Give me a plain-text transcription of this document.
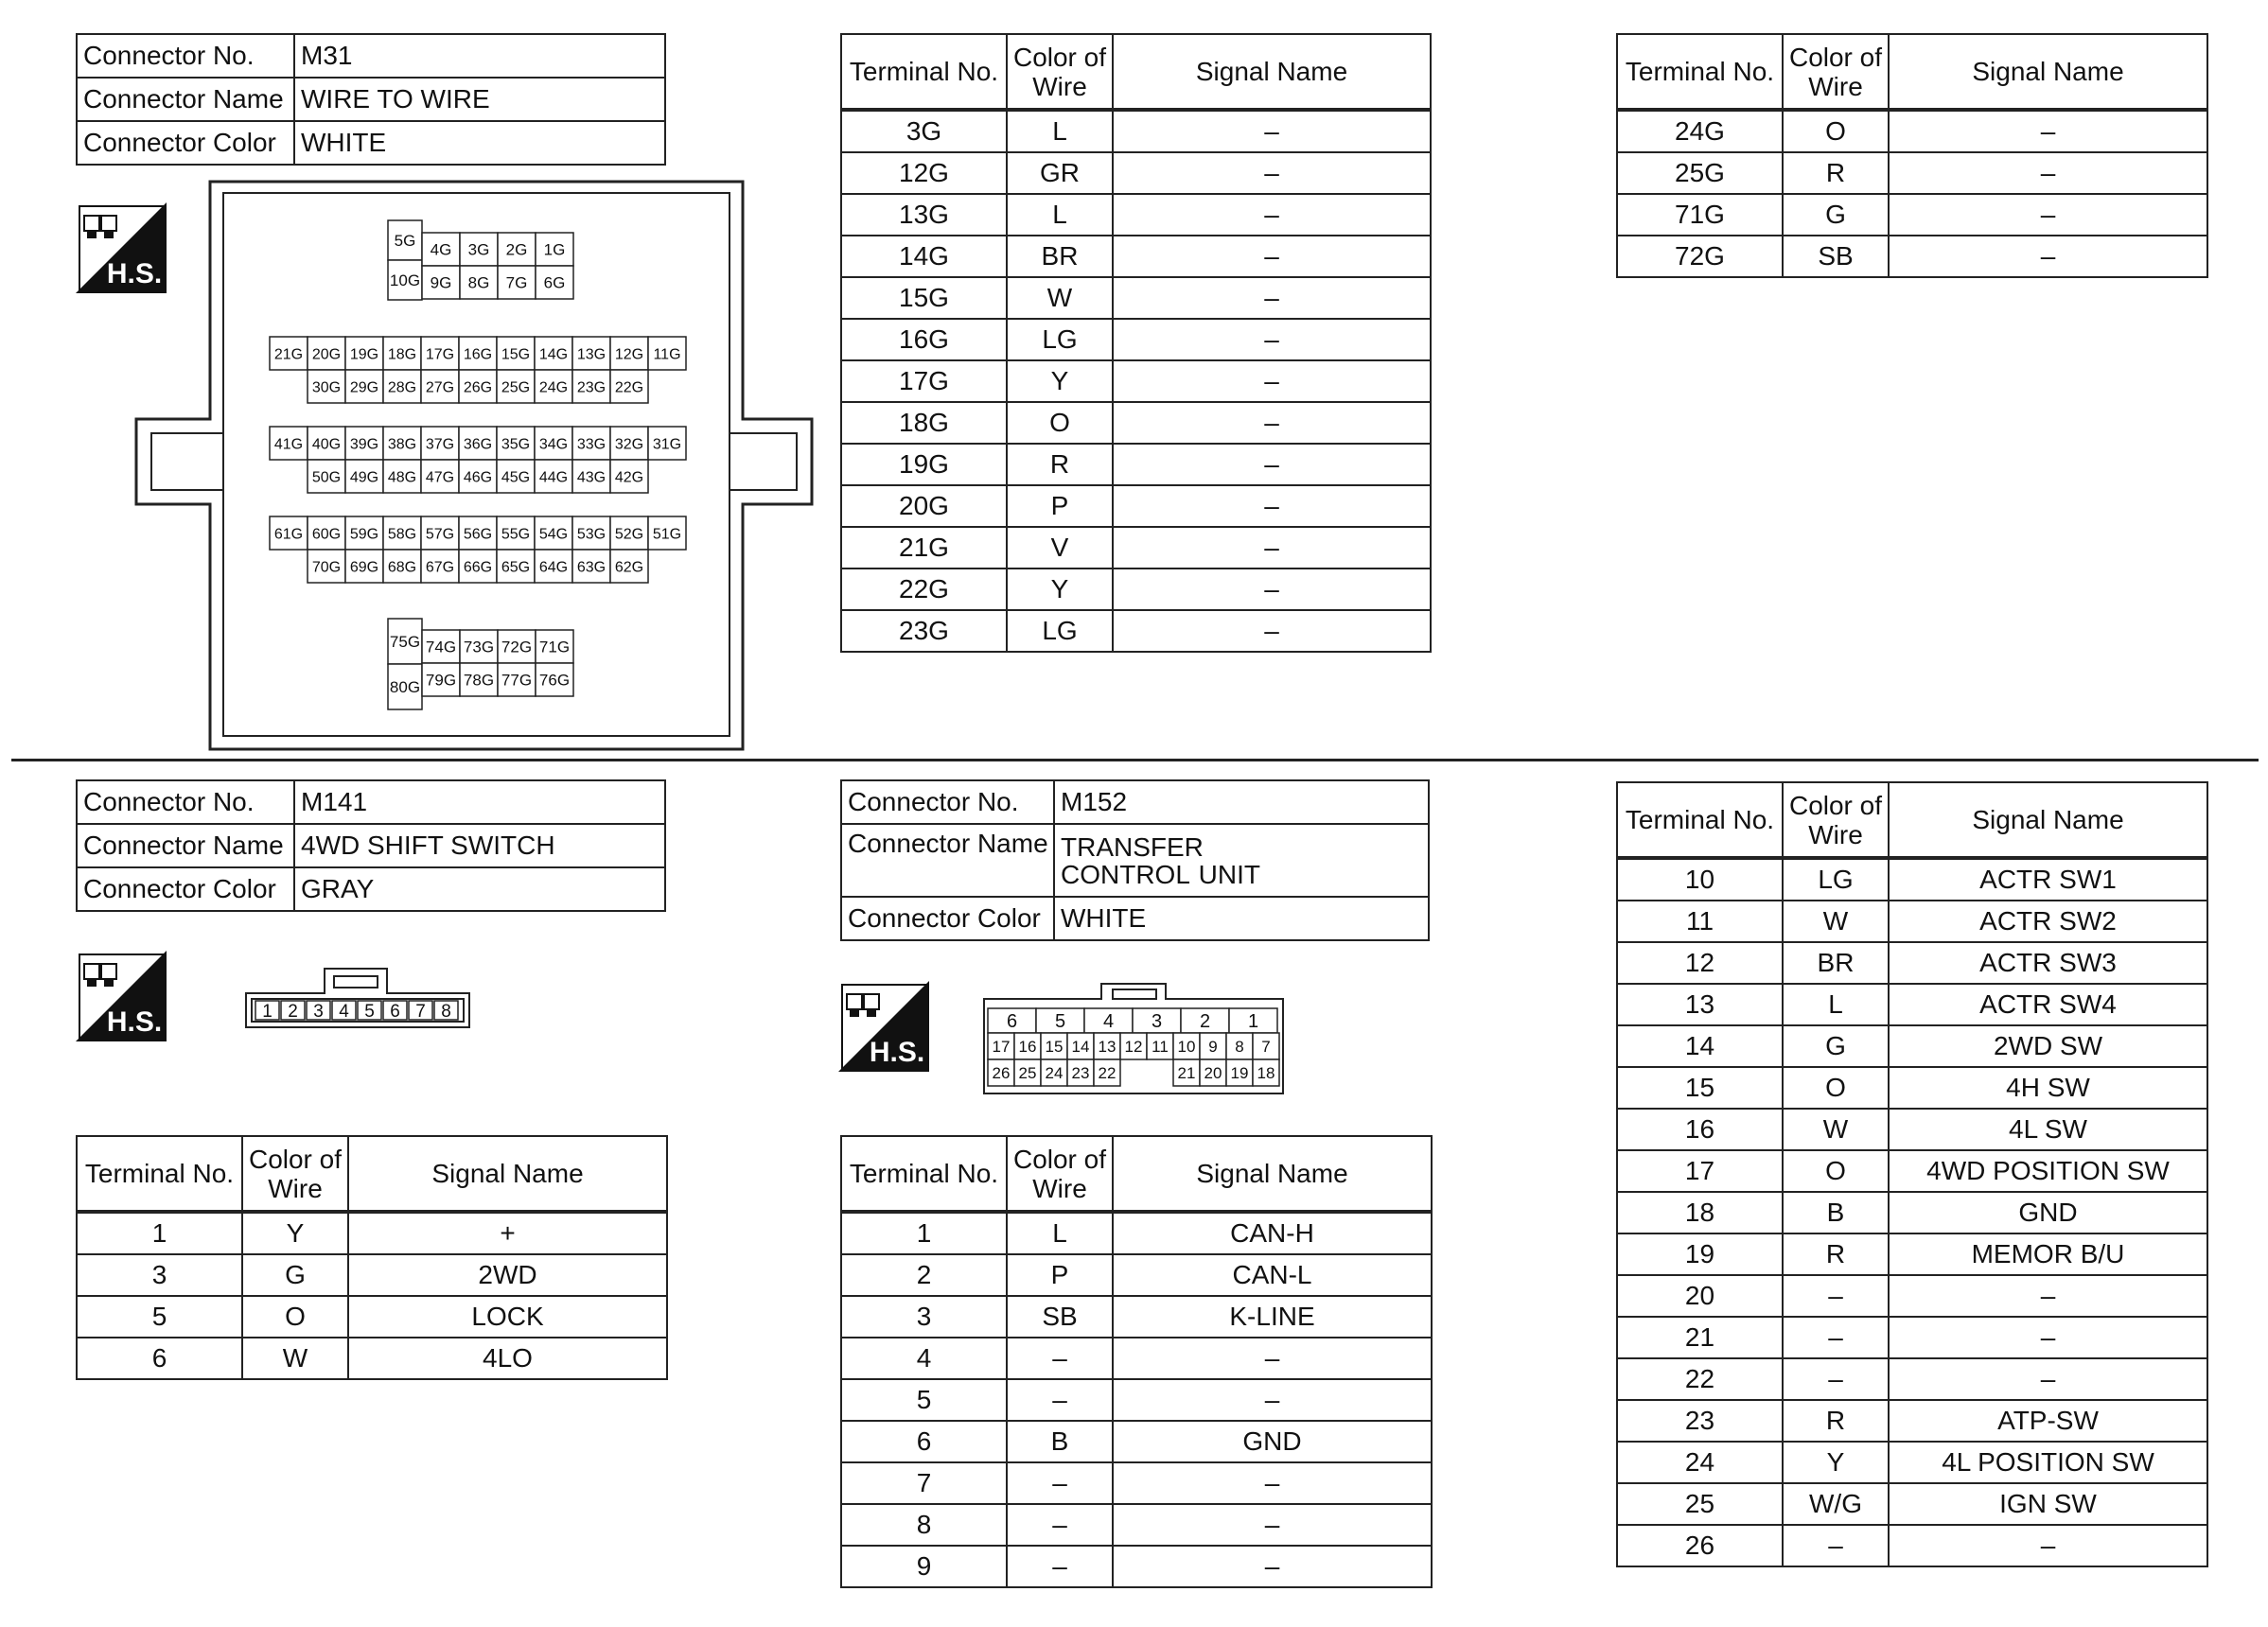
Connector No.	M31
Connector Name	WIRE TO WIRE
Connector Color	WHITE
H.S.
5G
10G
4G
9G
3G
8G
2G
7G
1G
6G
21G 20G 19G 18G 17G 16G 15G 14G 13G 12G 11G
30G 29G 28G 27G 26G 25G 24G 23G 22G
41G 40G 39G 38G 37G 36G 35G 34G 33G 32G 31G
50G 49G 48G 47G 46G 45G 44G 43G 42G
61G 60G 59G 58G 57G 56G 55G 54G 53G 52G 51G
70G 69G 68G 67G 66G 65G 64G 63G 62G
75G
80G
74G
79G
73G
78G
72G
77G
71G
76G
Terminal No.	Color of Wire	Signal Name
3G	L	–
12G	GR	–
13G	L	–
14G	BR	–
15G	W	–
16G	LG	–
17G	Y	–
18G	O	–
19G	R	–
20G	P	–
21G	V	–
22G	Y	–
23G	LG	–
Terminal No.	Color of Wire	Signal Name
24G	O	–
25G	R	–
71G	G	–
72G	SB	–
Connector No.	M141
Connector Name	4WD SHIFT SWITCH
Connector Color	GRAY
H.S.	1 2 3 4 5 6 7 8
Terminal No.	Color of Wire	Signal Name
1	Y	+
3	G	2WD
5	O	LOCK
6	W	4LO
Connector No.	M152
Connector Name	TRANSFER CONTROL UNIT
Connector Color	WHITE
H.S.
6 5 4 3 2 1
17 16 15 14 13 12 11 10 9 8 7
26 25 24 23 22	21 20 19 18
Terminal No.	Color of Wire	Signal Name
1	L	CAN-H
2	P	CAN-L
3	SB	K-LINE
4	–	–
5	–	–
6	B	GND
7	–	–
8	–	–
9	–	–
Terminal No.	Color of Wire	Signal Name
10	LG	ACTR SW1
11	W	ACTR SW2
12	BR	ACTR SW3
13	L	ACTR SW4
14	G	2WD SW
15	O	4H SW
16	W	4L SW
17	O	4WD POSITION SW
18	B	GND
19	R	MEMOR B/U
20	–	–
21	–	–
22	–	–
23	R	ATP-SW
24	Y	4L POSITION SW
25	W/G	IGN SW
26	–	–
